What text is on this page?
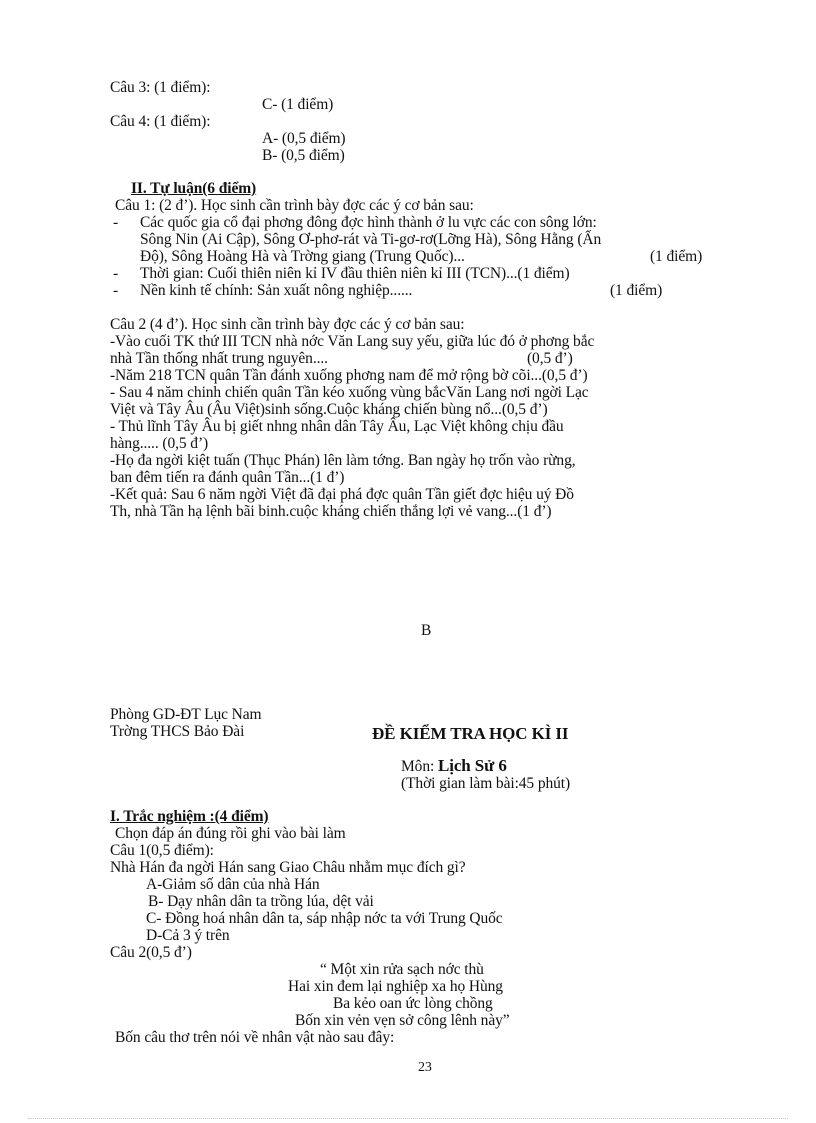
Câu 3: (1 điểm):
C- (1 điểm)
Câu 4: (1 điểm):
A- (0,5 điểm)
B- (0,5 điểm)
II. Tự luận(6 điểm)
Câu 1: (2 đ’). Học sinh cần trình bày đợc các ý cơ bản sau:
- Các quốc gia cổ đại phơng đông đợc hình thành ở lu vực các con sông lớn:
Sông Nin (Ai Cập), Sông Ơ-phơ-rát và Ti-gơ-rơ(Lỡng Hà), Sông Hằng (Ấn
Độ), Sông Hoàng Hà và Trờng giang (Trung Quốc)...	(1 điểm)
- Thời gian: Cuối thiên niên kỉ IV đầu thiên niên kỉ III (TCN)...(1 điểm)
- Nền kinh tế chính: Sản xuất nông nghiệp......	(1 điểm)
Câu 2 (4 đ’). Học sinh cần trình bày đợc các ý cơ bản sau:
-Vào cuối TK thứ III TCN nhà nớc Văn Lang suy yếu, giữa lúc đó ở phơng bắc
nhà Tần thống nhất trung nguyên....	(0,5 đ’)
-Năm 218 TCN quân Tần đánh xuống phơng nam để mở rộng bờ cõi...(0,5 đ’)
- Sau 4 năm chinh chiến quân Tần kéo xuống vùng bắcVăn Lang nơi ngời Lạc
Việt và Tây Âu (Âu Việt)sinh sống.Cuộc kháng chiến bùng nổ...(0,5 đ’)
- Thủ lĩnh Tây Âu bị giết nhng nhân dân Tây Âu, Lạc Việt không chịu đầu
hàng..... (0,5 đ’)
-Họ đa ngời kiệt tuấn (Thục Phán) lên làm tớng. Ban ngày họ trốn vào rừng,
ban đêm tiến ra đánh quân Tần...(1 đ’)
-Kết quả: Sau 6 năm ngời Việt đã đại phá đợc quân Tần giết đợc hiệu uý Đồ
Th, nhà Tần hạ lệnh bãi binh.cuộc kháng chiến thắng lợi vẻ vang...(1 đ’)
B
Phòng GD-ĐT Lục Nam
Trờng THCS Bảo Đài	ĐỀ KIỂM TRA HỌC KÌ II
Môn: Lịch Sử 6
(Thời gian làm bài:45 phút)
I. Trắc nghiệm :(4 điểm)
Chọn đáp án đúng rồi ghi vào bài làm
Câu 1(0,5 điểm):
Nhà Hán đa ngời Hán sang Giao Châu nhằm mục đích gì?
A-Giảm số dân của nhà Hán
B- Dạy nhân dân ta trồng lúa, dệt vải
C- Đồng hoá nhân dân ta, sáp nhập nớc ta với Trung Quốc
D-Cả 3 ý trên
Câu 2(0,5 đ’)
“ Một xin rửa sạch nớc thù
Hai xin đem lại nghiệp xa họ Hùng
Ba kẻo oan ức lòng chồng
Bốn xin vẻn vẹn sở công lênh này”
Bốn câu thơ trên nói về nhân vật nào sau đây:
23
